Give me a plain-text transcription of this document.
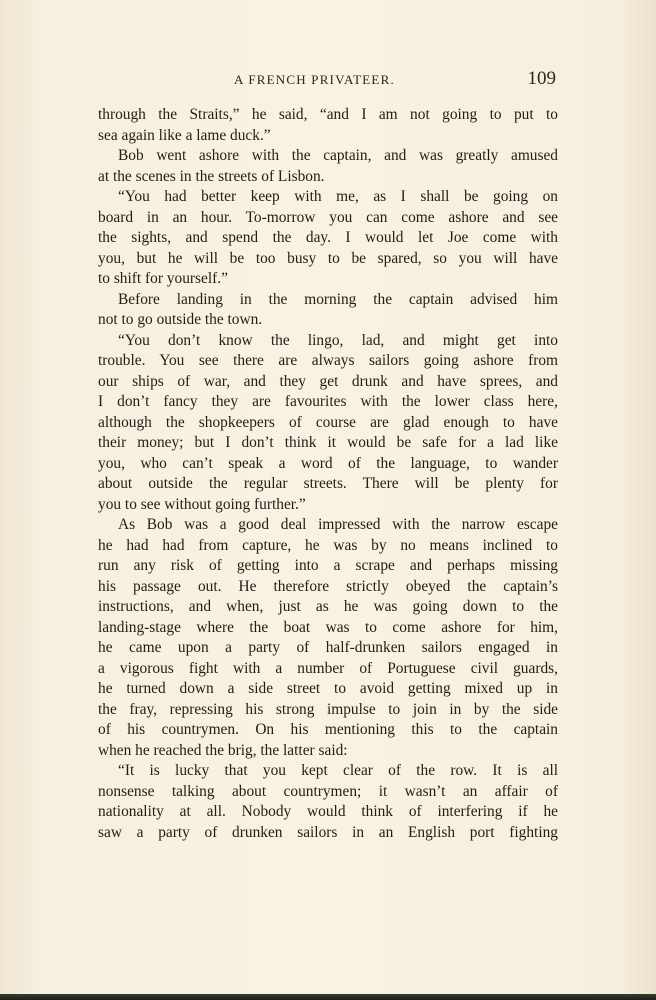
A FRENCH PRIVATEER.	109
through the Straits,” he said, “and I am not going to put to
sea again like a lame duck.”
Bob went ashore with the captain, and was greatly amused
at the scenes in the streets of Lisbon.
“You had better keep with me, as I shall be going on
board in an hour. To-morrow you can come ashore and see
the sights, and spend the day. I would let Joe come with
you, but he will be too busy to be spared, so you will have
to shift for yourself.”
Before landing in the morning the captain advised him
not to go outside the town.
“You don’t know the lingo, lad, and might get into
trouble. You see there are always sailors going ashore from
our ships of war, and they get drunk and have sprees, and
I don’t fancy they are favourites with the lower class here,
although the shopkeepers of course are glad enough to have
their money; but I don’t think it would be safe for a lad like
you, who can’t speak a word of the language, to wander
about outside the regular streets. There will be plenty for
you to see without going further.”
As Bob was a good deal impressed with the narrow escape
he had had from capture, he was by no means inclined to
run any risk of getting into a scrape and perhaps missing
his passage out. He therefore strictly obeyed the captain’s
instructions, and when, just as he was going down to the
landing-stage where the boat was to come ashore for him,
he came upon a party of half-drunken sailors engaged in
a vigorous fight with a number of Portuguese civil guards,
he turned down a side street to avoid getting mixed up in
the fray, repressing his strong impulse to join in by the side
of his countrymen. On his mentioning this to the captain
when he reached the brig, the latter said:
“It is lucky that you kept clear of the row. It is all
nonsense talking about countrymen; it wasn’t an affair of
nationality at all. Nobody would think of interfering if he
saw a party of drunken sailors in an English port fighting
